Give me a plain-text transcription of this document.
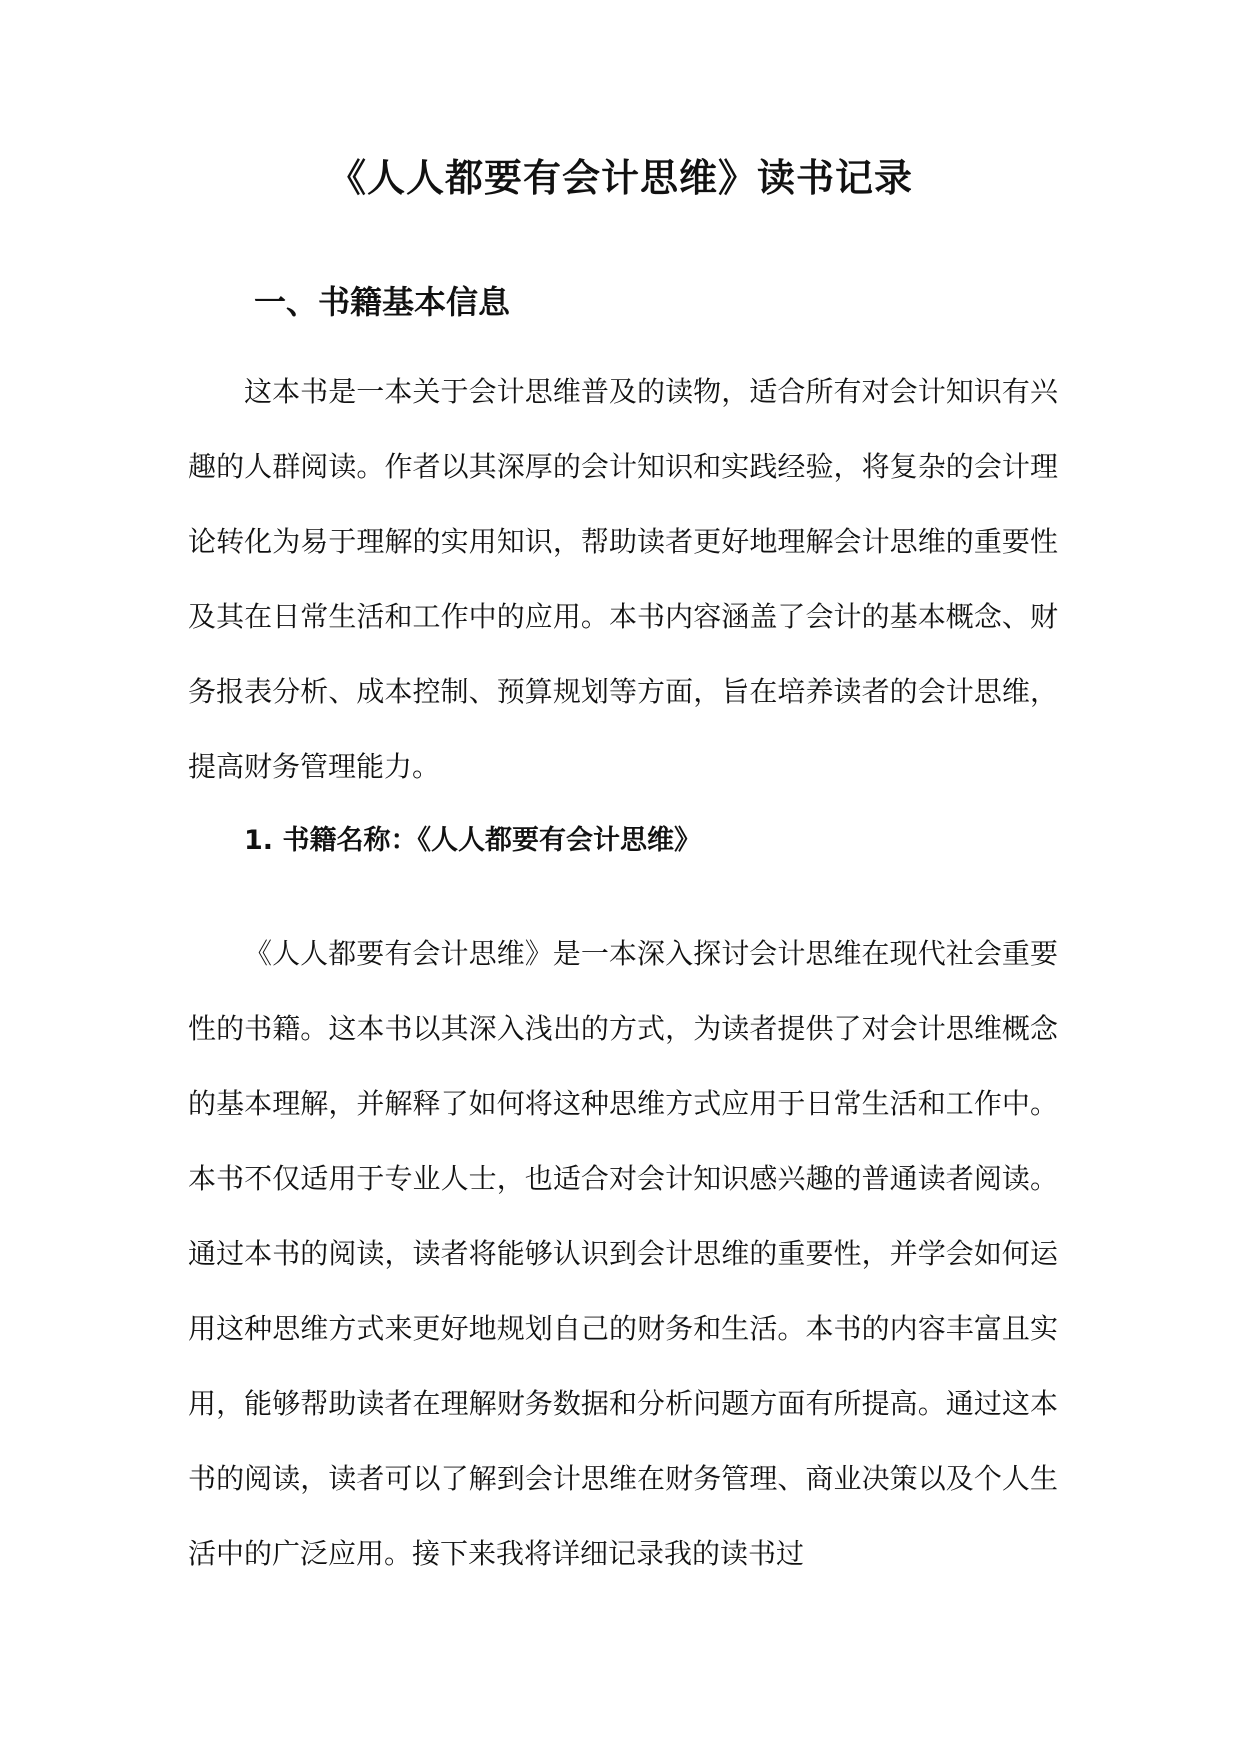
《人人都要有会计思维》读书记录
一、书籍基本信息

这本书是一本关于会计思维普及的读物，适合所有对会计知识有兴趣的人群阅读。作者以其深厚的会计知识和实践经验，将复杂的会计理论转化为易于理解的实用知识，帮助读者更好地理解会计思维的重要性及其在日常生活和工作中的应用。本书内容涵盖了会计的基本概念、财务报表分析、成本控制、预算规划等方面，旨在培养读者的会计思维，提高财务管理能力。

1. 书籍名称：《人人都要有会计思维》

《人人都要有会计思维》是一本深入探讨会计思维在现代社会重要性的书籍。这本书以其深入浅出的方式，为读者提供了对会计思维概念的基本理解，并解释了如何将这种思维方式应用于日常生活和工作中。本书不仅适用于专业人士，也适合对会计知识感兴趣的普通读者阅读。通过本书的阅读，读者将能够认识到会计思维的重要性，并学会如何运用这种思维方式来更好地规划自己的财务和生活。本书的内容丰富且实用，能够帮助读者在理解财务数据和分析问题方面有所提高。通过这本书的阅读，读者可以了解到会计思维在财务管理、商业决策以及个人生活中的广泛应用。接下来我将详细记录我的读书过
